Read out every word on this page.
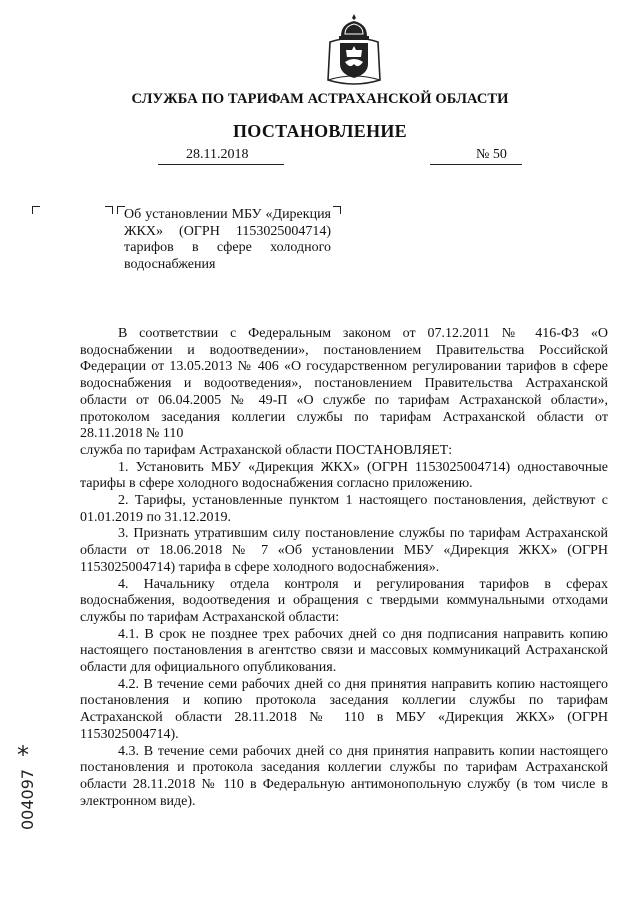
СЛУЖБА ПО ТАРИФАМ АСТРАХАНСКОЙ ОБЛАСТИ
ПОСТАНОВЛЕНИЕ
28.11.2018	№ 50
Об установлении МБУ «Дирекция ЖКХ» (ОГРН 1153025004714) тарифов в сфере холодного водоснабжения

В соответствии с Федеральным законом от 07.12.2011 № 416-ФЗ «О водоснабжении и водоотведении», постановлением Правительства Российской Федерации от 13.05.2013 № 406 «О государственном регулировании тарифов в сфере водоснабжения и водоотведения», постановлением Правительства Астраханской области от 06.04.2005 № 49-П «О службе по тарифам Астраханской области», протоколом заседания коллегии службы по тарифам Астраханской области от 28.11.2018 № 110

служба по тарифам Астраханской области ПОСТАНОВЛЯЕТ:

1. Установить МБУ «Дирекция ЖКХ» (ОГРН 1153025004714) одноставочные тарифы в сфере холодного водоснабжения согласно приложению.

2. Тарифы, установленные пунктом 1 настоящего постановления, действуют с 01.01.2019 по 31.12.2019.

3. Признать утратившим силу постановление службы по тарифам Астраханской области от 18.06.2018 № 7 «Об установлении МБУ «Дирекция ЖКХ» (ОГРН 1153025004714) тарифа в сфере холодного водоснабжения».

4. Начальнику отдела контроля и регулирования тарифов в сферах водоснабжения, водоотведения и обращения с твердыми коммунальными отходами службы по тарифам Астраханской области:

4.1. В срок не позднее трех рабочих дней со дня подписания направить копию настоящего постановления в агентство связи и массовых коммуникаций Астраханской области для официального опубликования.

4.2. В течение семи рабочих дней со дня принятия направить копию настоящего постановления и копию протокола заседания коллегии службы по тарифам Астраханской области 28.11.2018 № 110 в МБУ «Дирекция ЖКХ» (ОГРН 1153025004714).

4.3. В течение семи рабочих дней со дня принятия направить копии настоящего постановления и протокола заседания коллегии службы по тарифам Астраханской области 28.11.2018 № 110 в Федеральную антимонопольную службу (в том числе в электронном виде).

*
004097
